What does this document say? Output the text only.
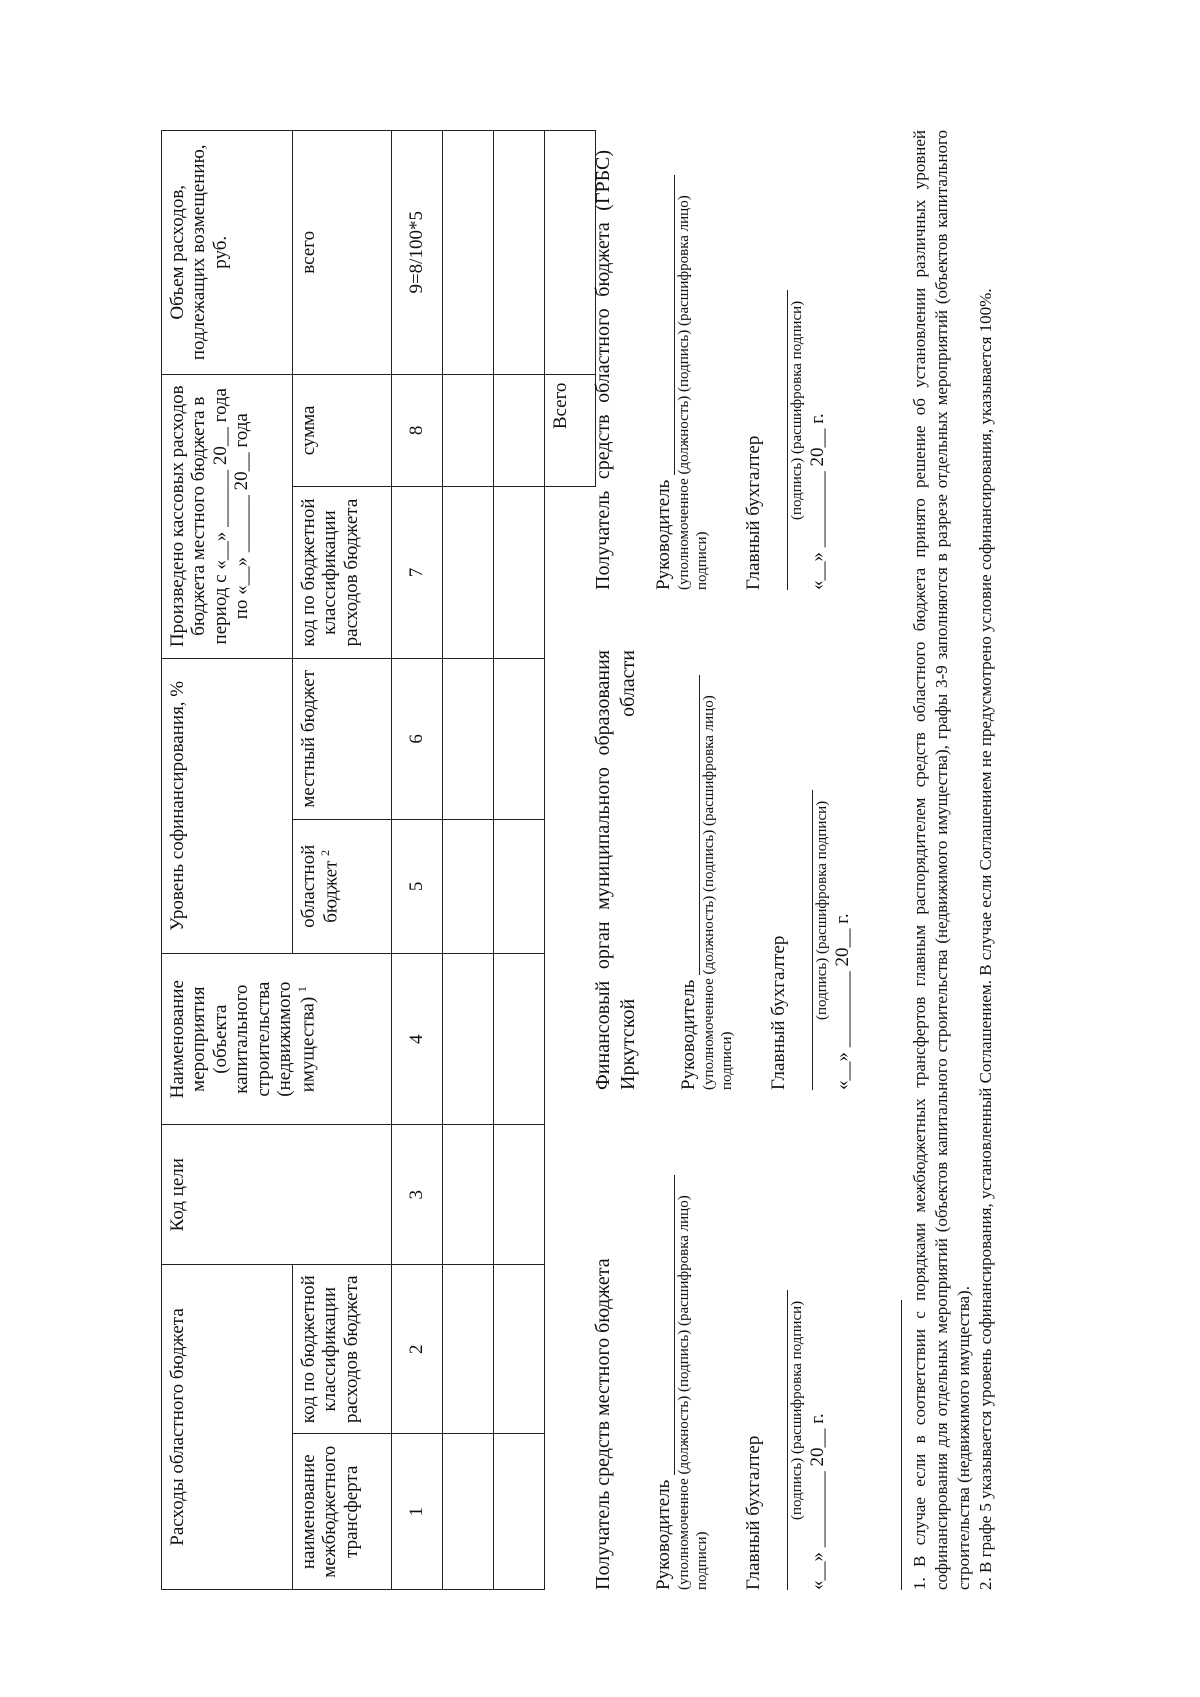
Расходы областного бюджета		Код цели	Наименование мероприятия (объекта капитального строительства (недвижимого имущества) $^1$	Уровень софинансирования, %		Произведено кассовых расходов бюджета местного бюджета в период с «__» ______ 20__ года по «__» ______ 20__ года		Объем расходов, подлежащих возмещению, руб.
наименование межбюджетного трансферта	код по бюджетной классификации расходов бюджета			областной бюджет $^2$	местный бюджет	код по бюджетной классификации расходов бюджета	сумма	всего
1	2	3	4	5	6	7	8	9=8/100*5

							Всего	
Получатель средств местного бюджета Руководитель (уполномоченное (должность) (подпись) (расшифровка лицо) подписи) Главный бухгалтер	(подпись) (расшифровка подписи) «__» ________ 20__ г.
Финансовый орган муниципального образования Иркутской области Руководитель (уполномоченное (должность) (подпись) (расшифровка лицо) подписи) Главный бухгалтер	(подпись) (расшифровка подписи) «__» ________ 20__ г.
Получатель средств областного бюджета (ГРБС) Руководитель (уполномоченное (должность) (подпись) (расшифровка лицо) подписи) Главный бухгалтер	(подпись) (расшифровка подписи) «__» ________ 20__ г.	1. В случае если в соответствии с порядками межбюджетных трансфертов главным распорядителем средств областного бюджета принято решение об установлении различных уровней софинансирования для отдельных мероприятий (объектов капитального строительства (недвижимого имущества), графы 3-9 заполняются в разрезе отдельных мероприятий (объектов капитального строительства (недвижимого имущества). 2. В графе 5 указывается уровень софинансирования, установленный Соглашением. В случае если Соглашением не предусмотрено условие софинансирования, указывается 100%.
